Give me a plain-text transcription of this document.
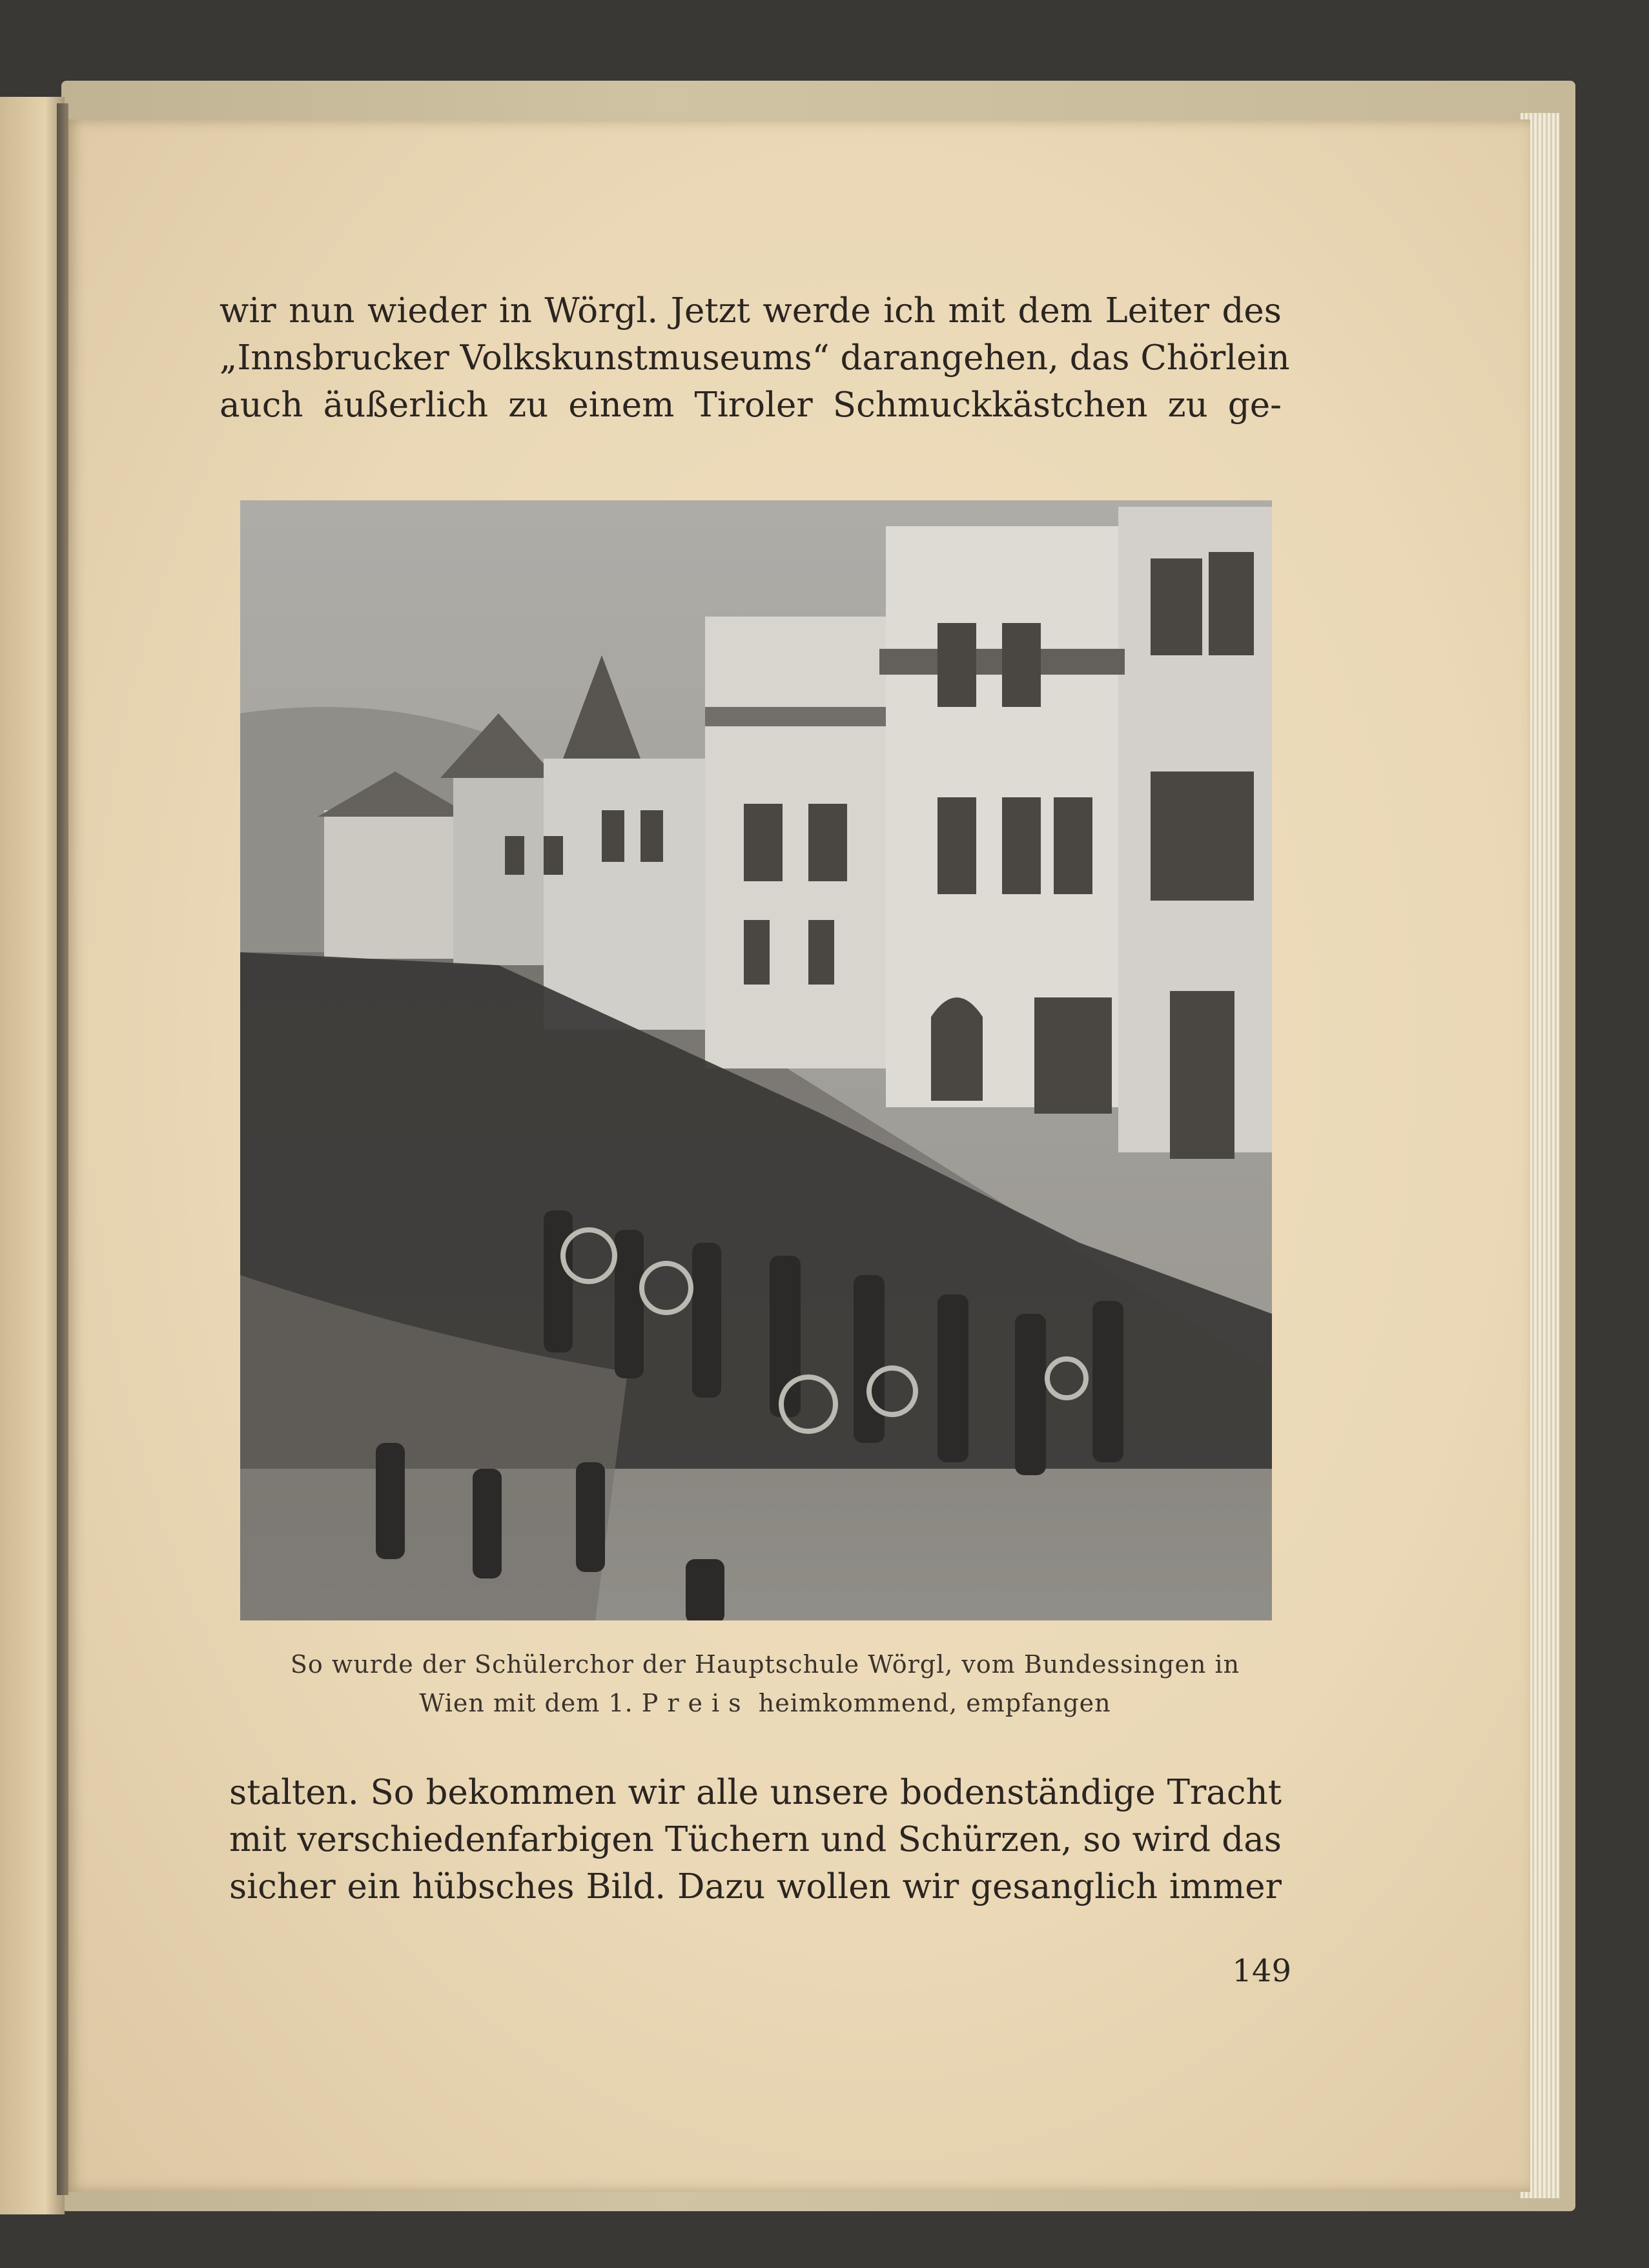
wir nun wieder in Wörgl. Jetzt werde ich mit dem Leiter des
„Innsbrucker Volkskunstmuseums“ darangehen, das Chörlein
auch äußerlich zu einem Tiroler Schmuckkästchen zu ge-
So wurde der Schülerchor der Hauptschule Wörgl, vom Bundessingen in
Wien mit dem 1. Preis heimkommend, empfangen
stalten. So bekommen wir alle unsere bodenständige Tracht
mit verschiedenfarbigen Tüchern und Schürzen, so wird das
sicher ein hübsches Bild. Dazu wollen wir gesanglich immer
149
